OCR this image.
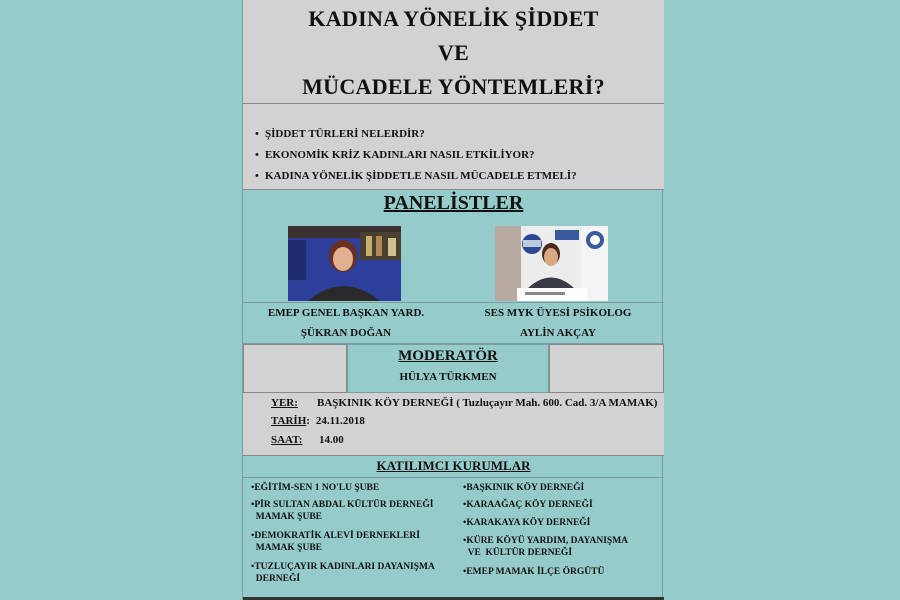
KADINA YÖNELİK ŞİDDET
VE
MÜCADELE YÖNTEMLERİ?
• ŞİDDET TÜRLERİ NELERDİR?
• EKONOMİK KRİZ KADINLARI NASIL ETKİLİYOR?
• KADINA YÖNELİK ŞİDDETLE NASIL MÜCADELE ETMELİ?
PANELİSTLER
EMEP GENEL BAŞKAN YARD.
ŞÜKRAN DOĞAN
SES MYK ÜYESİ PSİKOLOG
AYLİN AKÇAY
MODERATÖR
HÜLYA TÜRKMEN
YER: BAŞKINIK KÖY DERNEĞİ ( Tuzluçayır Mah. 600. Cad. 3/A MAMAK)
TARİH: 24.11.2018
SAAT: 14.00
KATILIMCI KURUMLAR
•EĞİTİM-SEN 1 NO'LU ŞUBE
•PİR SULTAN ABDAL KÜLTÜR DERNEĞİ
MAMAK ŞUBE
•DEMOKRATİK ALEVİ DERNEKLERİ
MAMAK ŞUBE
•TUZLUÇAYIR KADINLARI DAYANIŞMA
DERNEĞİ
•BAŞKINIK KÖY DERNEĞİ
•KARAAĞAÇ KÖY DERNEĞİ
•KARAKAYA KÖY DERNEĞİ
•KÜRE KÖYÜ YARDIM, DAYANIŞMA
VE  KÜLTÜR DERNEĞİ
•EMEP MAMAK İLÇE ÖRGÜTÜ
